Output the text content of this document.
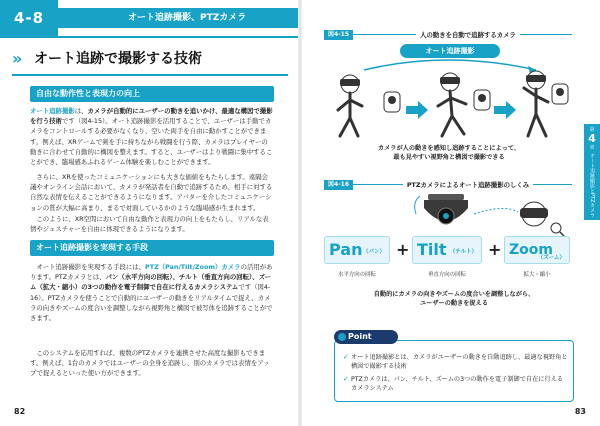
オート追跡撮影、PTZカメラ
4-8
» オート追跡で撮影する技術
自由な動作性と表現力の向上
オート追跡撮影は、カメラが自動的にユーザーの動きを追いかけ、最適な構図で撮影を行う技術です（図4-15）。オート追跡撮影を活用することで、ユーザーは手動でカメラをコントロールする必要がなくなり、空いた両手を自由に動かすことができます。例えば、XRゲームで剣を手に持ちながら戦闘を行う際、カメラはプレイヤーの動きに合わせて自動的に構図を整えます。すると、ユーザーはより戦闘に集中することができ、臨場感あふれるゲーム体験を楽しむことができます。
　さらに、XRを使ったコミュニケーションにも大きな価値をもたらします。遠隔会議やオンライン会話において、カメラが発話者を自動で追跡するため、相手に対する自然な表情を伝えることができるようになります。アバターを介したコミュニケーションの質が大幅に高まり、まるで対面しているかのような臨場感が生まれます。
　このように、XR空間において自由な動作と表現力の向上をもたらし、リアルな表情やジェスチャーを自由に体現できるようになります。
オート追跡撮影を実現する手段
　オート追跡撮影を実現する手段には、PTZ（Pan/Tilt/Zoom）カメラの活用があります。PTZカメラとは、パン（水平方向の回転）、チルト（垂直方向の回転）、ズーム（拡大・縮小）の3つの動作を電子制御で自在に行えるカメラシステムです（図4-16）。PTZカメラを使うことで自動的にユーザーの動きをリアルタイムで捉え、カメラの向きやズームの度合いを調整しながら視野角と構図で被写体を追跡することができます。
　このシステムを応用すれば、複数のPTZカメラを連携させた高度な撮影もできます。例えば、1台のカメラではユーザーの全身を追跡し、別のカメラでは表情をアップで捉えるといった使い方ができます。
82
第
4
章
オート追跡撮影とPTZカメラ
図4-15	人の動きを自動で追跡するカメラ
オート追跡撮影
カメラが人の動きを感知し追跡することによって、
最も見やすい視野角と構図で撮影できる
図4-16	PTZカメラによるオート追跡撮影のしくみ
Pan （パン） + Tilt （チルト） + Zoom
（ズーム）
水平方向の回転	垂直方向の回転	拡大・縮小
自動的にカメラの向きやズームの度合いを調整しながら、
ユーザーの動きを捉える
✓ オート追跡撮影とは、カメラがユーザーの動きを自動追跡し、最適な視野角と構図で撮影する技術
✓ PTZカメラは、パン、チルト、ズームの3つの動作を電子制御で自在に行えるカメラシステム
Point
83
